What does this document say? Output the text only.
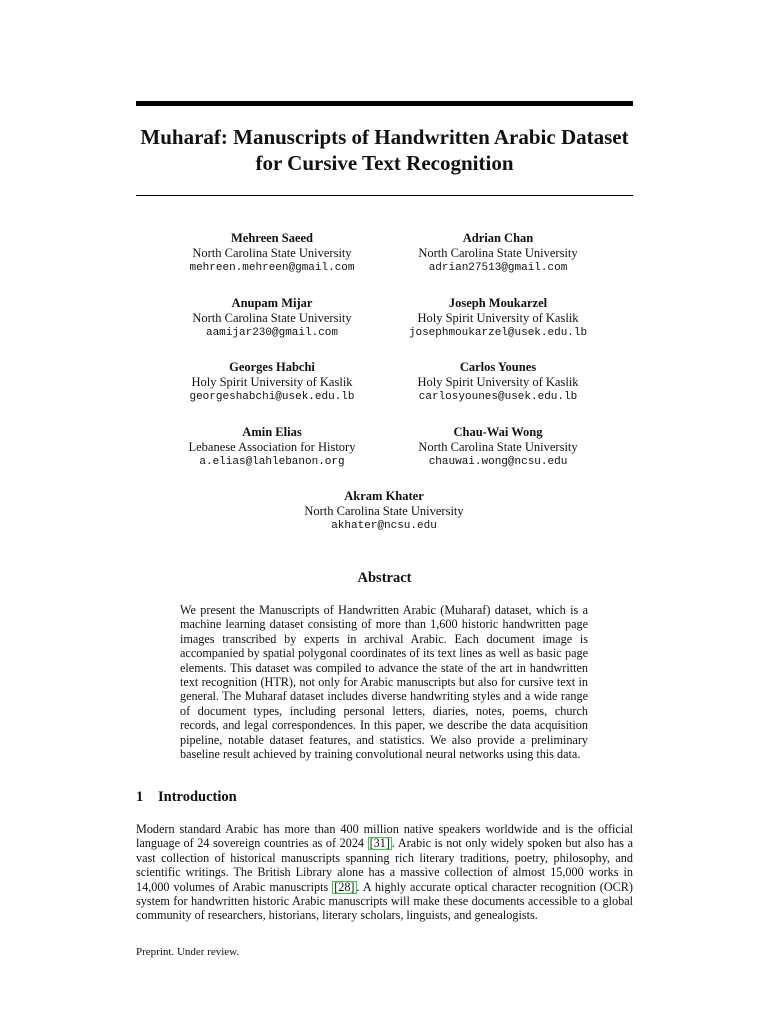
Muharaf: Manuscripts of Handwritten Arabic Dataset
for Cursive Text Recognition
Mehreen Saeed
North Carolina State University
mehreen.mehreen@gmail.com
Adrian Chan
North Carolina State University
adrian27513@gmail.com
Anupam Mijar
North Carolina State University
aamijar230@gmail.com
Joseph Moukarzel
Holy Spirit University of Kaslik
josephmoukarzel@usek.edu.lb
Georges Habchi
Holy Spirit University of Kaslik
georgeshabchi@usek.edu.lb
Carlos Younes
Holy Spirit University of Kaslik
carlosyounes@usek.edu.lb
Amin Elias
Lebanese Association for History
a.elias@lahlebanon.org
Chau-Wai Wong
North Carolina State University
chauwai.wong@ncsu.edu
Akram Khater
North Carolina State University
akhater@ncsu.edu
Abstract

We present the Manuscripts of Handwritten Arabic (Muharaf) dataset, which is a machine learning dataset consisting of more than 1,600 historic handwritten page images transcribed by experts in archival Arabic. Each document image is accompanied by spatial polygonal coordinates of its text lines as well as basic page elements. This dataset was compiled to advance the state of the art in handwritten text recognition (HTR), not only for Arabic manuscripts but also for cursive text in general. The Muharaf dataset includes diverse handwriting styles and a wide range of document types, including personal letters, diaries, notes, poems, church records, and legal correspondences. In this paper, we describe the data acquisition pipeline, notable dataset features, and statistics. We also provide a preliminary baseline result achieved by training convolutional neural networks using this data.

1 Introduction

Modern standard Arabic has more than 400 million native speakers worldwide and is the official language of 24 sovereign countries as of 2024 [31] . Arabic is not only widely spoken but also has a vast collection of historical manuscripts spanning rich literary traditions, poetry, philosophy, and scientific writings. The British Library alone has a massive collection of almost 15,000 works in 14,000 volumes of Arabic manuscripts [28] . A highly accurate optical character recognition (OCR) system for handwritten historic Arabic manuscripts will make these documents accessible to a global community of researchers, historians, literary scholars, linguists, and genealogists.

Preprint. Under review.
